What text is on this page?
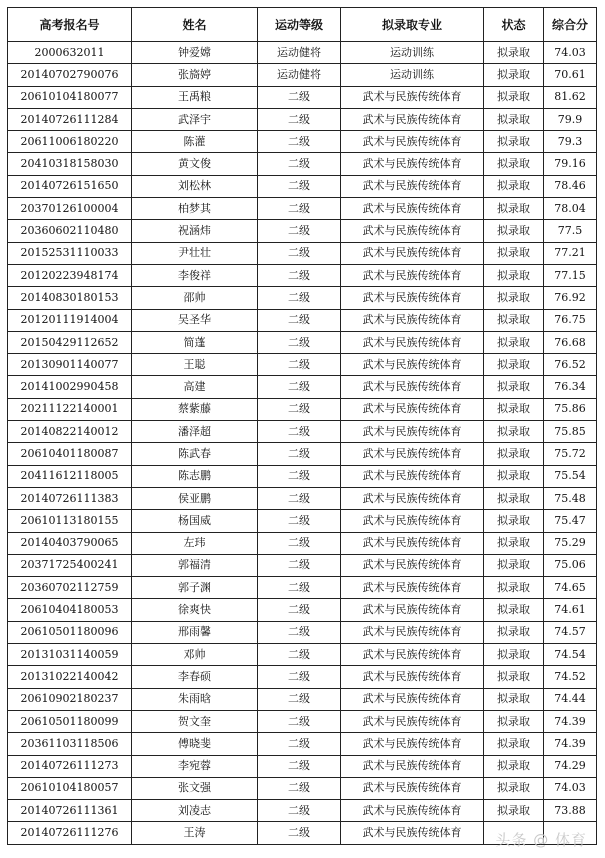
高考报名号	姓名	运动等级	拟录取专业	状态	综合分
2000632011	钟爱嫦	运动健将	运动训练	拟录取	74.03
20140702790076	张旖婷	运动健将	运动训练	拟录取	70.61
20610104180077	王禹粮	二级	武术与民族传统体育	拟录取	81.62
20140726111284	武泽宇	二级	武术与民族传统体育	拟录取	79.9
20611006180220	陈灌	二级	武术与民族传统体育	拟录取	79.3
20410318158030	黄文俊	二级	武术与民族传统体育	拟录取	79.16
20140726151650	刘松林	二级	武术与民族传统体育	拟录取	78.46
20370126100004	柏梦其	二级	武术与民族传统体育	拟录取	78.04
20360602110480	祝涵炜	二级	武术与民族传统体育	拟录取	77.5
20152531110033	尹壮壮	二级	武术与民族传统体育	拟录取	77.21
20120223948174	李俊祥	二级	武术与民族传统体育	拟录取	77.15
20140830180153	邵帅	二级	武术与民族传统体育	拟录取	76.92
20120111914004	吴圣华	二级	武术与民族传统体育	拟录取	76.75
20150429112652	简蓬	二级	武术与民族传统体育	拟录取	76.68
20130901140077	王聪	二级	武术与民族传统体育	拟录取	76.52
20141002990458	高建	二级	武术与民族传统体育	拟录取	76.34
20211122140001	蔡紫藤	二级	武术与民族传统体育	拟录取	75.86
20140822140012	潘泽超	二级	武术与民族传统体育	拟录取	75.85
20610401180087	陈武春	二级	武术与民族传统体育	拟录取	75.72
20411612118005	陈志鹏	二级	武术与民族传统体育	拟录取	75.54
20140726111383	侯亚鹏	二级	武术与民族传统体育	拟录取	75.48
20610113180155	杨国威	二级	武术与民族传统体育	拟录取	75.47
20140403790065	左玮	二级	武术与民族传统体育	拟录取	75.29
20371725400241	郭福清	二级	武术与民族传统体育	拟录取	75.06
20360702112759	郭子渊	二级	武术与民族传统体育	拟录取	74.65
20610404180053	徐爽快	二级	武术与民族传统体育	拟录取	74.61
20610501180096	邢雨馨	二级	武术与民族传统体育	拟录取	74.57
20131031140059	邓帅	二级	武术与民族传统体育	拟录取	74.54
20131022140042	李春硕	二级	武术与民族传统体育	拟录取	74.52
20610902180237	朱雨晗	二级	武术与民族传统体育	拟录取	74.44
20610501180099	贺文奎	二级	武术与民族传统体育	拟录取	74.39
20361103118506	傅晓斐	二级	武术与民族传统体育	拟录取	74.39
20140726111273	李宛蓉	二级	武术与民族传统体育	拟录取	74.29
20610104180057	张文强	二级	武术与民族传统体育	拟录取	74.03
20140726111361	刘凌志	二级	武术与民族传统体育	拟录取	73.88
20140726111276	王涛	二级	武术与民族传统体育		头条 @ 体育
